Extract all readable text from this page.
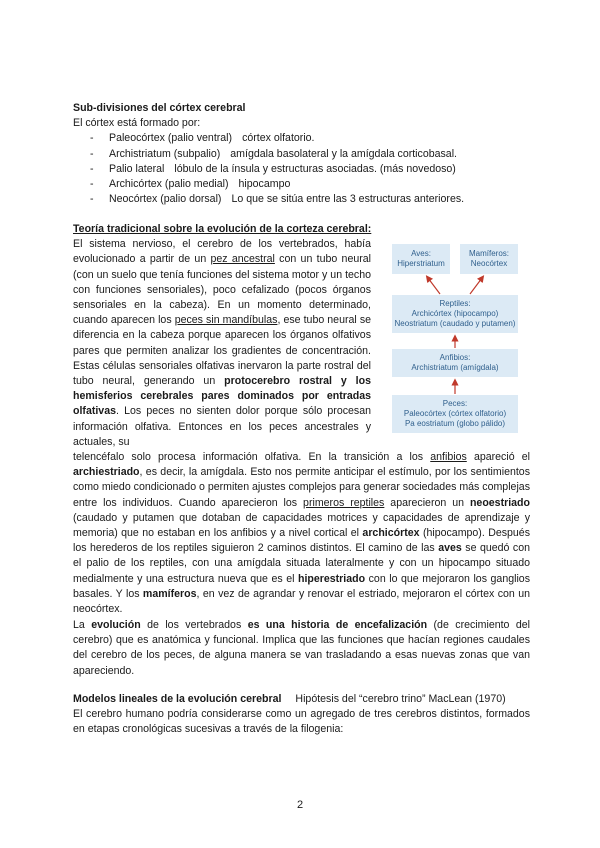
Sub-divisiones del córtex cerebral

El córtex está formado por:

- Paleocórtex (palio ventral) córtex olfatorio.
- Archistriatum (subpalio) amígdala basolateral y la amígdala corticobasal.
- Palio lateral lóbulo de la ínsula y estructuras asociadas. (más novedoso)
- Archicórtex (palio medial) hipocampo
- Neocórtex (palio dorsal) Lo que se sitúa entre las 3 estructuras anteriores.

Teoría tradicional sobre la evolución de la corteza cerebral:

El sistema nervioso, el cerebro de los vertebrados, había evolucionado a partir de un pez ancestral con un tubo neural (con un suelo que tenía funciones del sistema motor y un techo con funciones sensoriales), poco cefalizado (pocos órganos sensoriales en la cabeza). En un momento determinado, cuando aparecen los peces sin mandíbulas, ese tubo neural se diferencia en la cabeza porque aparecen los órganos olfativos pares que permiten analizar los gradientes de concentración. Estas células sensoriales olfativas inervaron la parte rostral del tubo neural, generando un protocerebro rostral y los hemisferios cerebrales pares dominados por entradas olfativas. Los peces no sienten dolor porque sólo procesan información olfativa. Entonces en los peces ancestrales y actuales, su

telencéfalo solo procesa información olfativa. En la transición a los anfibios apareció el archiestriado, es decir, la amígdala. Esto nos permite anticipar el estímulo, por los sentimientos como miedo condicionado o permiten ajustes complejos para generar sociedades más complejas entre los individuos. Cuando aparecieron los primeros reptiles aparecieron un neoestriado (caudado y putamen que dotaban de capacidades motrices y capacidades de aprendizaje y memoria) que no estaban en los anfibios y a nivel cortical el archicórtex (hipocampo). Después los herederos de los reptiles siguieron 2 caminos distintos. El camino de las aves se quedó con el palio de los reptiles, con una amígdala situada lateralmente y con un hipocampo situado medialmente y una estructura nueva que es el hiperestriado con lo que mejoraron los ganglios basales. Y los mamíferos, en vez de agrandar y renovar el estriado, mejoraron el córtex con un neocórtex.

La evolución de los vertebrados es una historia de encefalización (de crecimiento del cerebro) que es anatómica y funcional. Implica que las funciones que hacían regiones caudales del cerebro de los peces, de alguna manera se van trasladando a esas nuevas zonas que van apareciendo.

Modelos lineales de la evolución cerebral Hipótesis del “cerebro trino” MacLean (1970)

El cerebro humano podría considerarse como un agregado de tres cerebros distintos, formados en etapas cronológicas sucesivas a través de la filogenia:

Aves:
Hiperstriatum
Mamíferos:
Neocórtex
Reptiles:
Archicórtex (hipocampo)
Neostriatum (caudado y putamen)
Anfibios:
Archistriatum (amígdala)
Peces:
Paleocórtex (córtex olfatorio)
Pa eostriatum (globo pálido)
2
